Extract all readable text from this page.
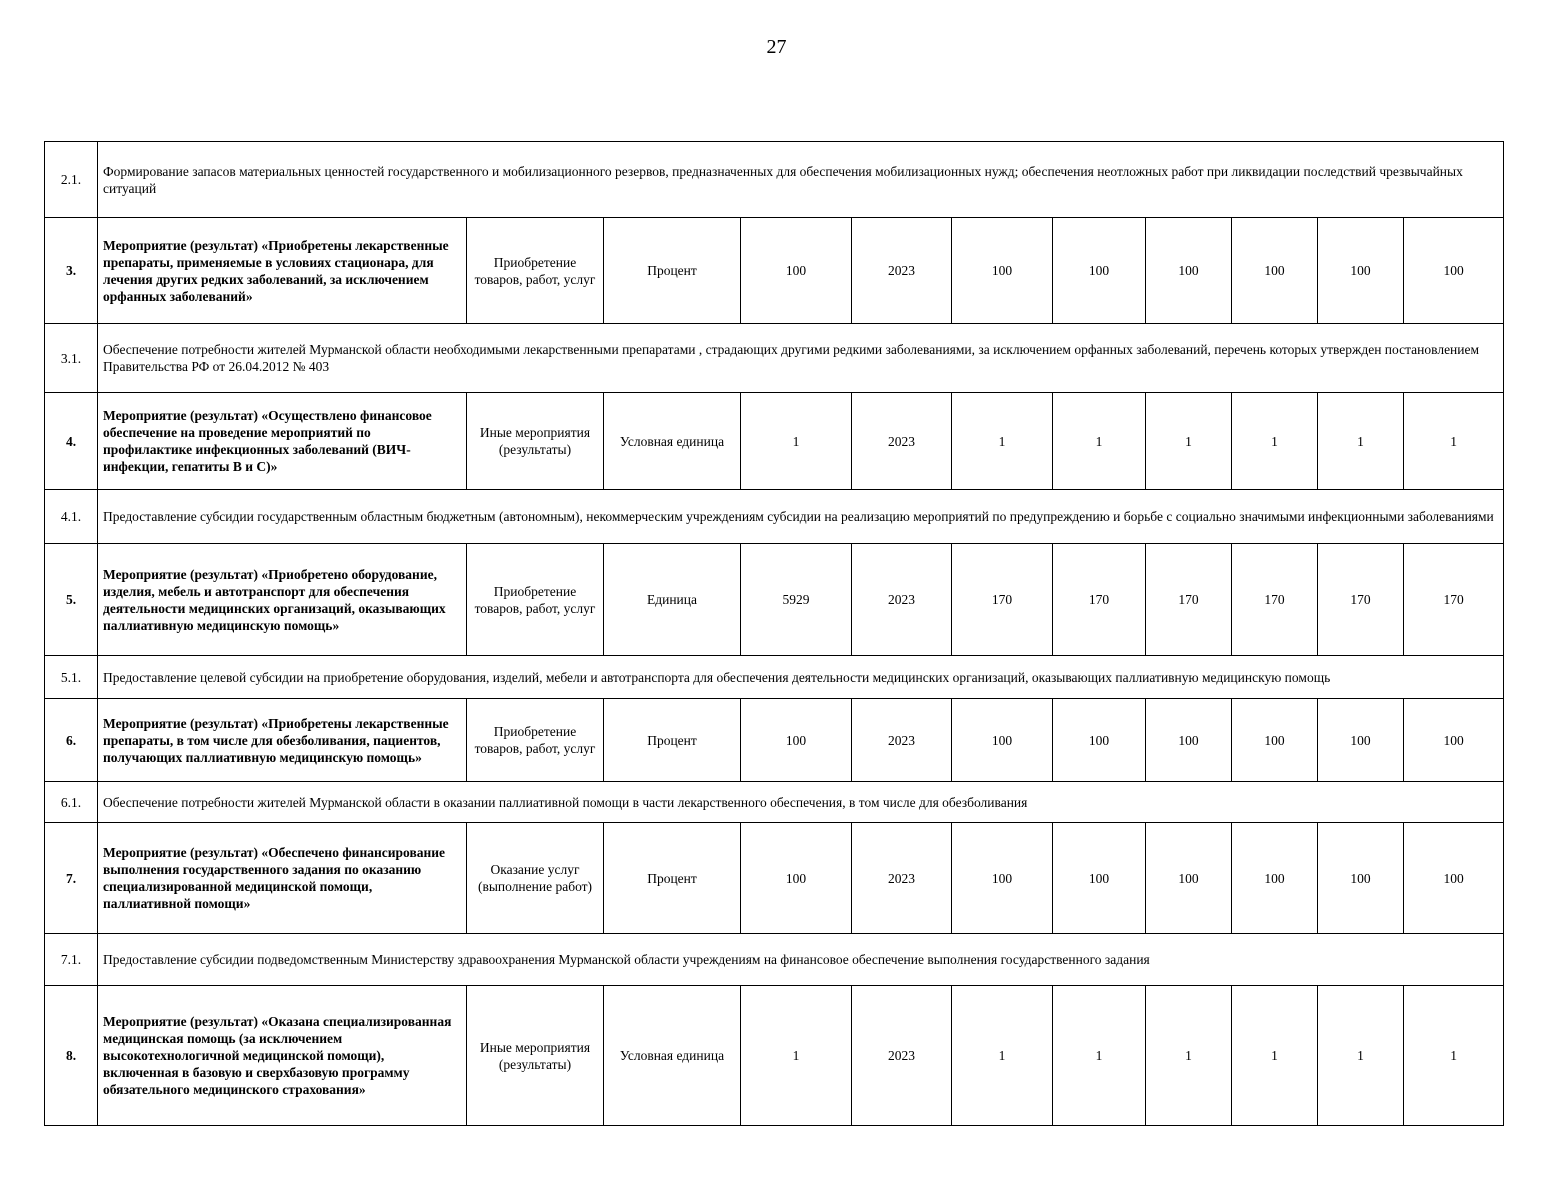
27
2.1.	Формирование запасов материальных ценностей государственного и мобилизационного резервов, предназначенных для обеспечения мобилизационных нужд; обеспечения неотложных работ при ликвидации последствий чрезвычайных ситуаций										
3.	Мероприятие (результат) «Приобретены лекарственные препараты, применяемые в условиях стационара, для лечения других редких заболеваний, за исключением орфанных заболеваний»	Приобретение товаров, работ, услуг	Процент	100	2023	100	100	100	100	100	100
3.1.	Обеспечение потребности жителей Мурманской области необходимыми лекарственными препаратами , страдающих другими редкими заболеваниями, за исключением орфанных заболеваний, перечень которых утвержден постановлением Правительства РФ от 26.04.2012 № 403										
4.	Мероприятие (результат) «Осуществлено финансовое обеспечение на проведение мероприятий по профилактике инфекционных заболеваний (ВИЧ-инфекции, гепатиты В и С)»	Иные мероприятия (результаты)	Условная единица	1	2023	1	1	1	1	1	1
4.1.	Предоставление субсидии государственным областным бюджетным (автономным), некоммерческим учреждениям субсидии на реализацию мероприятий по предупреждению и борьбе с социально значимыми инфекционными заболеваниями										
5.	Мероприятие (результат) «Приобретено оборудование, изделия, мебель и автотранспорт для обеспечения деятельности медицинских организаций, оказывающих паллиативную медицинскую помощь»	Приобретение товаров, работ, услуг	Единица	5929	2023	170	170	170	170	170	170
5.1.	Предоставление целевой субсидии на приобретение оборудования, изделий, мебели и автотранспорта для обеспечения деятельности медицинских организаций, оказывающих паллиативную медицинскую помощь										
6.	Мероприятие (результат) «Приобретены лекарственные препараты, в том числе для обезболивания, пациентов, получающих паллиативную медицинскую помощь»	Приобретение товаров, работ, услуг	Процент	100	2023	100	100	100	100	100	100
6.1.	Обеспечение потребности жителей Мурманской области в оказании паллиативной помощи в части лекарственного обеспечения, в том числе для обезболивания										
7.	Мероприятие (результат) «Обеспечено финансирование выполнения государственного задания по оказанию специализированной медицинской помощи, паллиативной помощи»	Оказание услуг (выполнение работ)	Процент	100	2023	100	100	100	100	100	100
7.1.	Предоставление субсидии подведомственным Министерству здравоохранения Мурманской области учреждениям на финансовое обеспечение выполнения государственного задания										
8.	Мероприятие (результат) «Оказана специализированная медицинская помощь (за исключением высокотехнологичной медицинской помощи), включенная в базовую и сверхбазовую программу обязательного медицинского страхования»	Иные мероприятия (результаты)	Условная единица	1	2023	1	1	1	1	1	1
